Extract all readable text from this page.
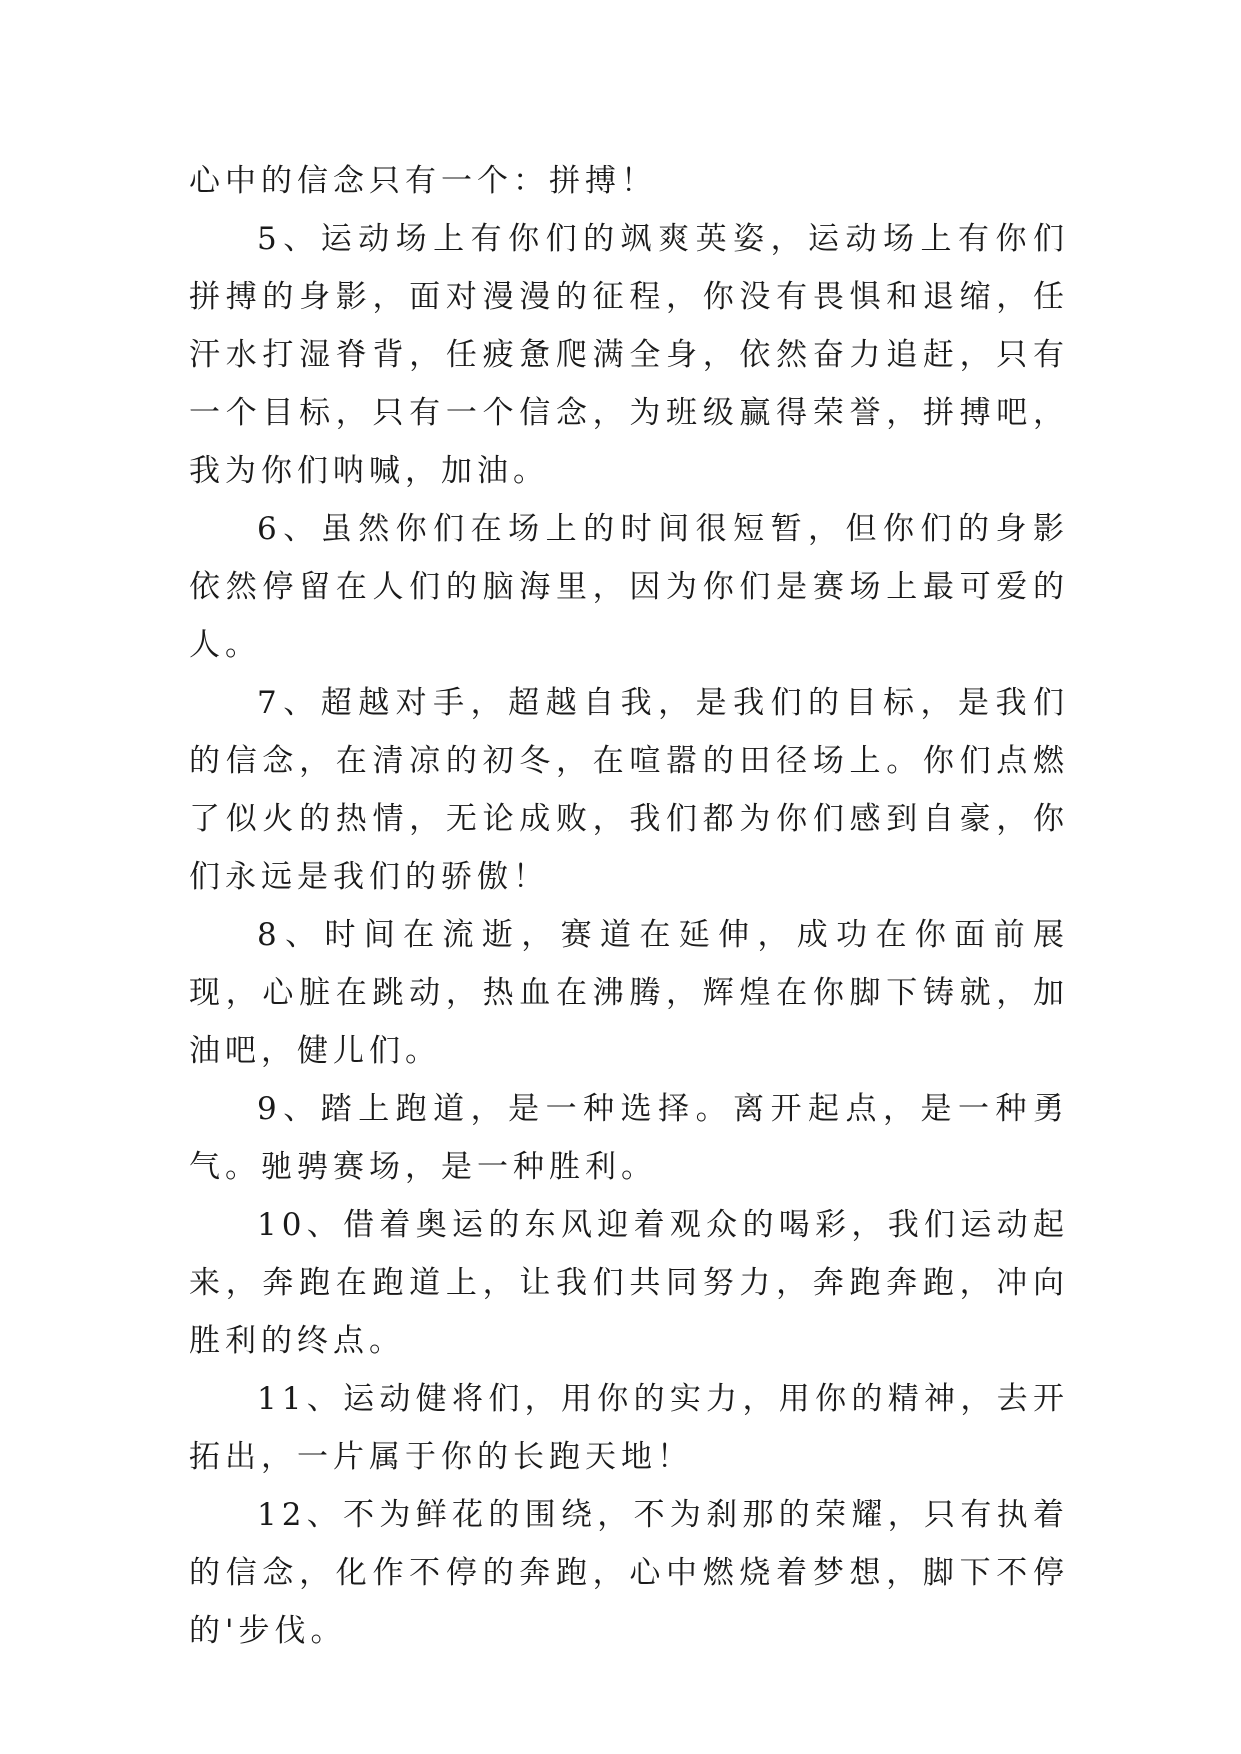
心中的信念只有一个：拼搏！

5、运动场上有你们的飒爽英姿，运动场上有你们拼搏的身影，面对漫漫的征程，你没有畏惧和退缩，任汗水打湿脊背，任疲惫爬满全身，依然奋力追赶，只有一个目标，只有一个信念，为班级赢得荣誉，拼搏吧，我为你们呐喊，加油。

6、虽然你们在场上的时间很短暂，但你们的身影依然停留在人们的脑海里，因为你们是赛场上最可爱的人。

7、超越对手，超越自我，是我们的目标，是我们的信念，在清凉的初冬，在喧嚣的田径场上。你们点燃了似火的热情，无论成败，我们都为你们感到自豪，你们永远是我们的骄傲！

8、时间在流逝，赛道在延伸，成功在你面前展现，心脏在跳动，热血在沸腾，辉煌在你脚下铸就，加油吧，健儿们。

9、踏上跑道，是一种选择。离开起点，是一种勇气。驰骋赛场，是一种胜利。

10、借着奥运的东风迎着观众的喝彩，我们运动起来，奔跑在跑道上，让我们共同努力，奔跑奔跑，冲向胜利的终点。

11、运动健将们，用你的实力，用你的精神，去开拓出，一片属于你的长跑天地！

12、不为鲜花的围绕，不为刹那的荣耀，只有执着的信念，化作不停的奔跑，心中燃烧着梦想，脚下不停的'步伐。
